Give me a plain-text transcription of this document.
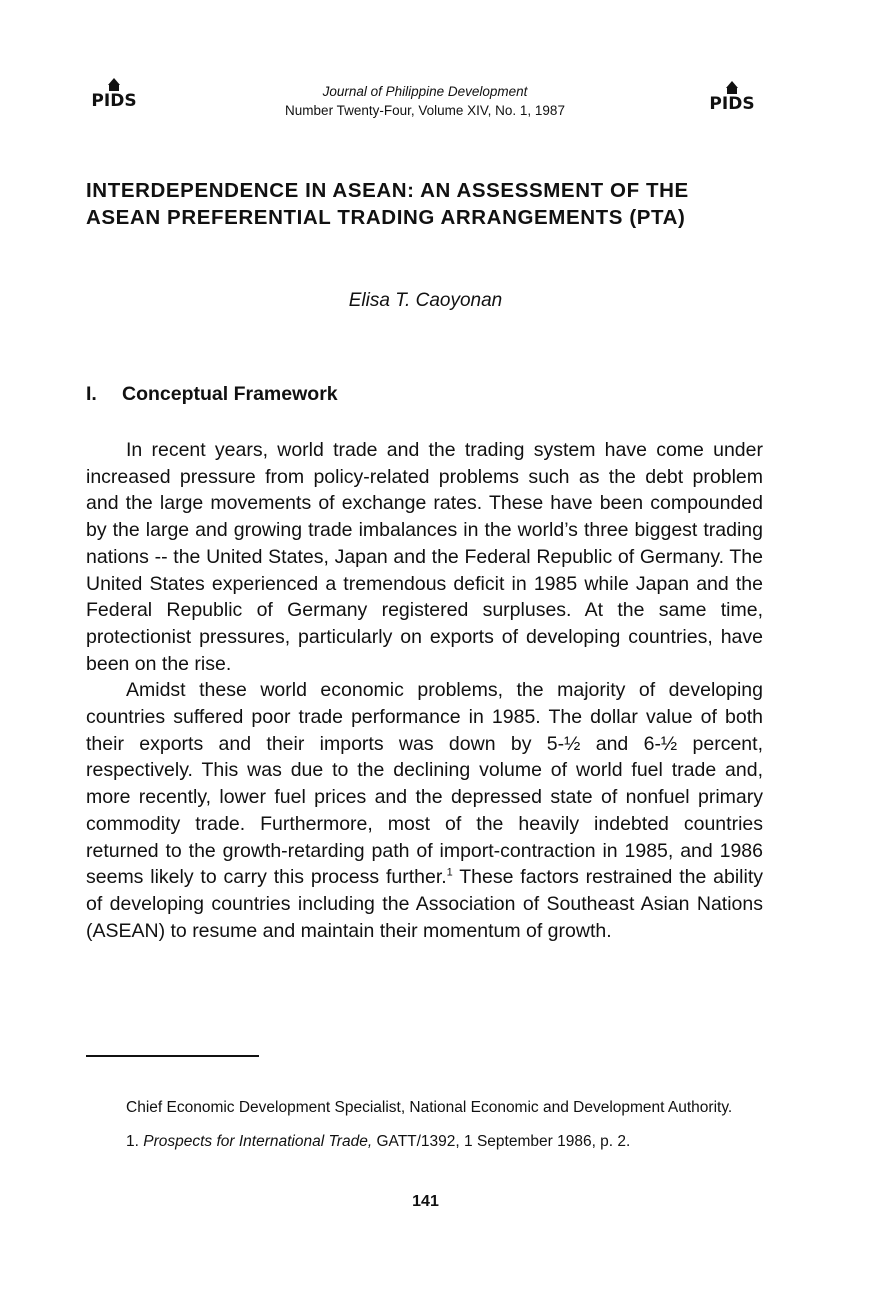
PIDS	PIDS
Journal of Philippine Development
Number Twenty-Four, Volume XIV, No. 1, 1987
INTERDEPENDENCE IN ASEAN: AN ASSESSMENT OF THE
ASEAN PREFERENTIAL TRADING ARRANGEMENTS (PTA)
Elisa T. Caoyonan
I. Conceptual Framework

In recent years, world trade and the trading system have come under increased pressure from policy-related problems such as the debt problem and the large movements of exchange rates. These have been compounded by the large and growing trade imbalances in the world’s three biggest trading nations -- the United States, Japan and the Federal Republic of Germany. The United States experienced a tremendous deficit in 1985 while Japan and the Federal Republic of Germany registered surpluses. At the same time, protectionist pressures, particularly on exports of developing countries, have been on the rise.

Amidst these world economic problems, the majority of developing countries suffered poor trade performance in 1985. The dollar value of both their exports and their imports was down by 5-½ and 6-½ percent, respectively. This was due to the declining volume of world fuel trade and, more recently, lower fuel prices and the depressed state of nonfuel primary commodity trade. Furthermore, most of the heavily indebted countries returned to the growth-retarding path of import-contraction in 1985, and 1986 seems likely to carry this process further.$^1$ These factors restrained the ability of developing countries including the Association of Southeast Asian Nations (ASEAN) to resume and maintain their momentum of growth.

Chief Economic Development Specialist, National Economic and Development Authority.

1. Prospects for International Trade, GATT/1392, 1 September 1986, p. 2.

141
